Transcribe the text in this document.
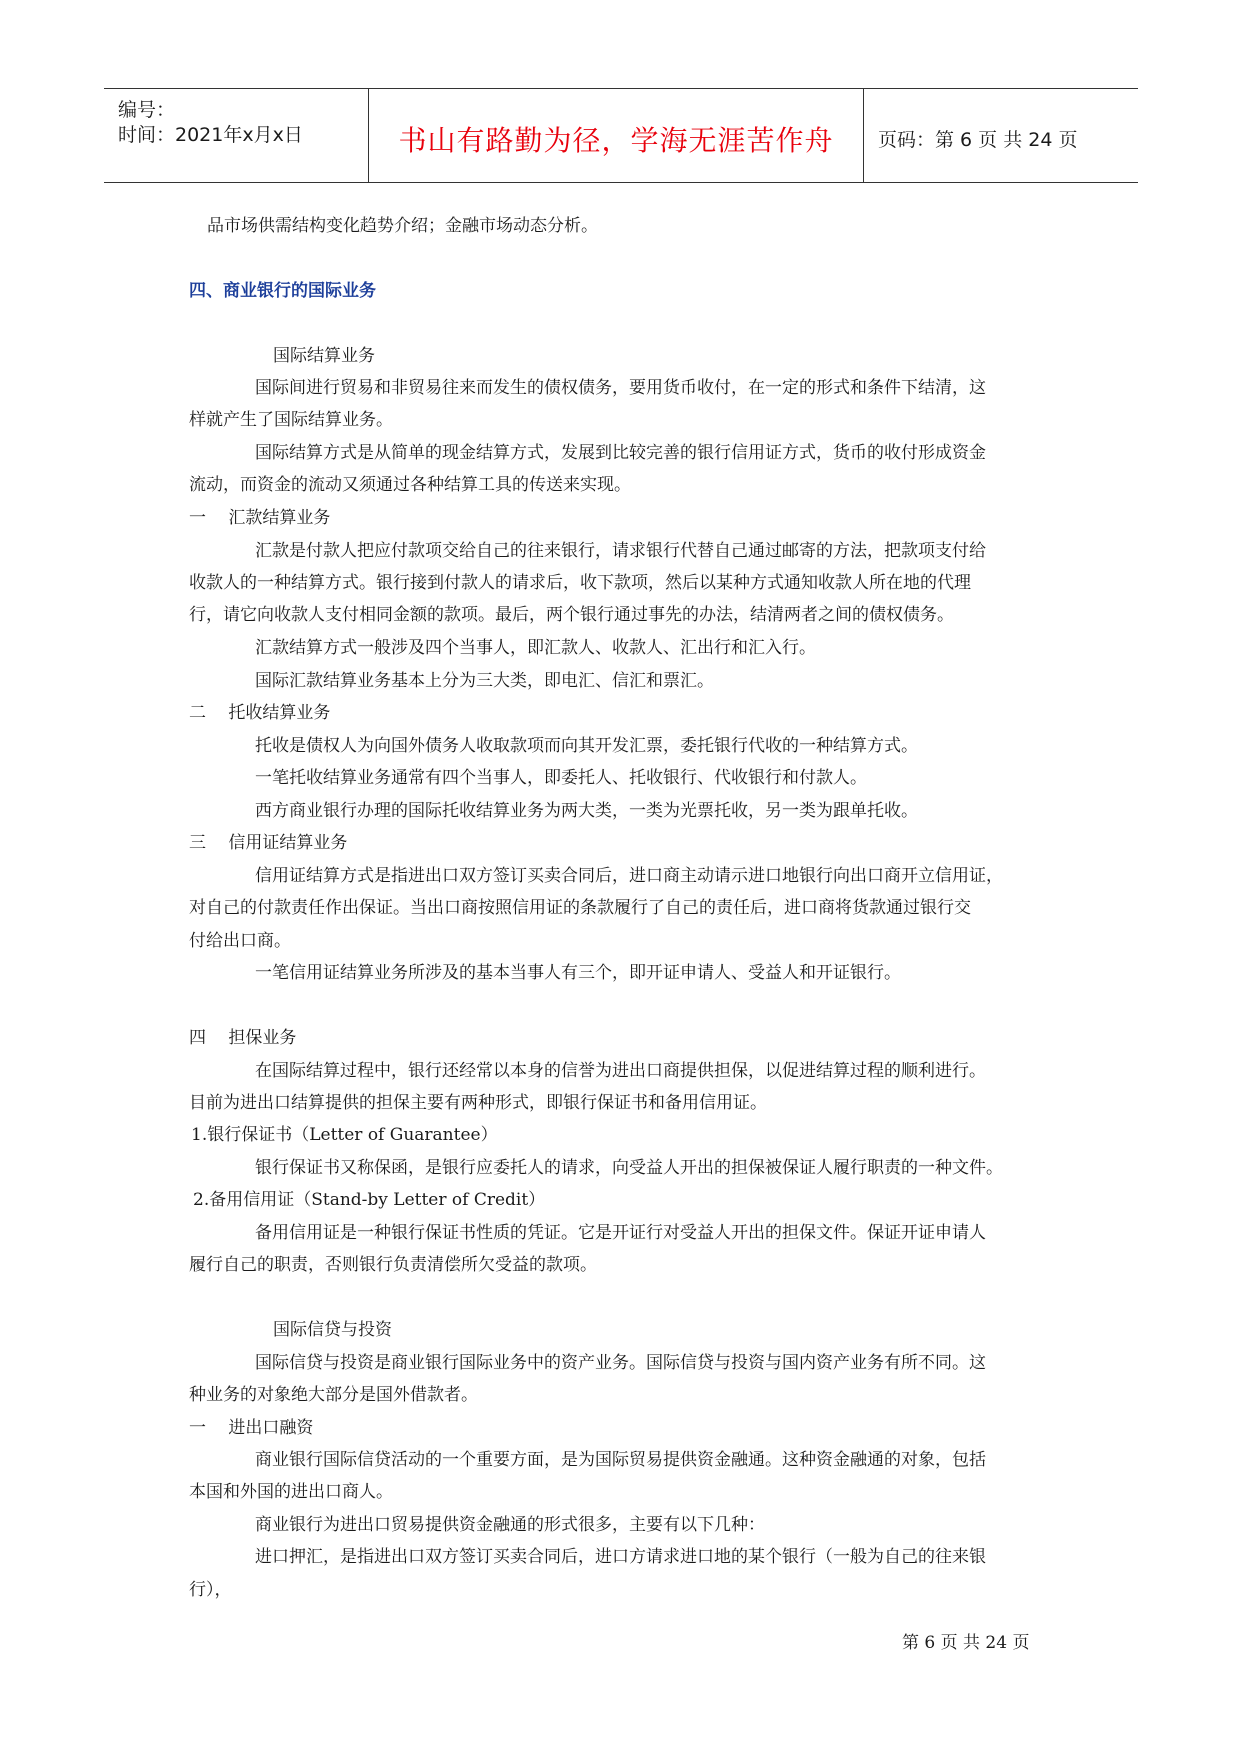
编号：
时间：2021年x月x日	书山有路勤为径，学海无涯苦作舟	页码：第 6 页 共 24 页
品市场供需结构变化趋势介绍；金融市场动态分析。
四、商业银行的国际业务
国际结算业务
国际间进行贸易和非贸易往来而发生的债权债务，要用货币收付，在一定的形式和条件下结清，这
样就产生了国际结算业务。
国际结算方式是从简单的现金结算方式，发展到比较完善的银行信用证方式，货币的收付形成资金
流动，而资金的流动又须通过各种结算工具的传送来实现。
一　 汇款结算业务
汇款是付款人把应付款项交给自己的往来银行，请求银行代替自己通过邮寄的方法，把款项支付给
收款人的一种结算方式。银行接到付款人的请求后，收下款项，然后以某种方式通知收款人所在地的代理
行，请它向收款人支付相同金额的款项。最后，两个银行通过事先的办法，结清两者之间的债权债务。
汇款结算方式一般涉及四个当事人，即汇款人、收款人、汇出行和汇入行。
国际汇款结算业务基本上分为三大类，即电汇、信汇和票汇。
二　 托收结算业务
托收是债权人为向国外债务人收取款项而向其开发汇票，委托银行代收的一种结算方式。
一笔托收结算业务通常有四个当事人，即委托人、托收银行、代收银行和付款人。
西方商业银行办理的国际托收结算业务为两大类，一类为光票托收，另一类为跟单托收。
三　 信用证结算业务
信用证结算方式是指进出口双方签订买卖合同后，进口商主动请示进口地银行向出口商开立信用证，
对自己的付款责任作出保证。当出口商按照信用证的条款履行了自己的责任后，进口商将货款通过银行交
付给出口商。
一笔信用证结算业务所涉及的基本当事人有三个，即开证申请人、受益人和开证银行。
四　 担保业务
在国际结算过程中，银行还经常以本身的信誉为进出口商提供担保，以促进结算过程的顺利进行。
目前为进出口结算提供的担保主要有两种形式，即银行保证书和备用信用证。
1.银行保证书（Letter of Guarantee）
银行保证书又称保函，是银行应委托人的请求，向受益人开出的担保被保证人履行职责的一种文件。
2.备用信用证（Stand-by Letter of Credit）
备用信用证是一种银行保证书性质的凭证。它是开证行对受益人开出的担保文件。保证开证申请人
履行自己的职责，否则银行负责清偿所欠受益的款项。
国际信贷与投资
国际信贷与投资是商业银行国际业务中的资产业务。国际信贷与投资与国内资产业务有所不同。这
种业务的对象绝大部分是国外借款者。
一　 进出口融资
商业银行国际信贷活动的一个重要方面，是为国际贸易提供资金融通。这种资金融通的对象，包括
本国和外国的进出口商人。
商业银行为进出口贸易提供资金融通的形式很多，主要有以下几种：
进口押汇，是指进出口双方签订买卖合同后，进口方请求进口地的某个银行（一般为自己的往来银
行），
第 6 页 共 24 页
